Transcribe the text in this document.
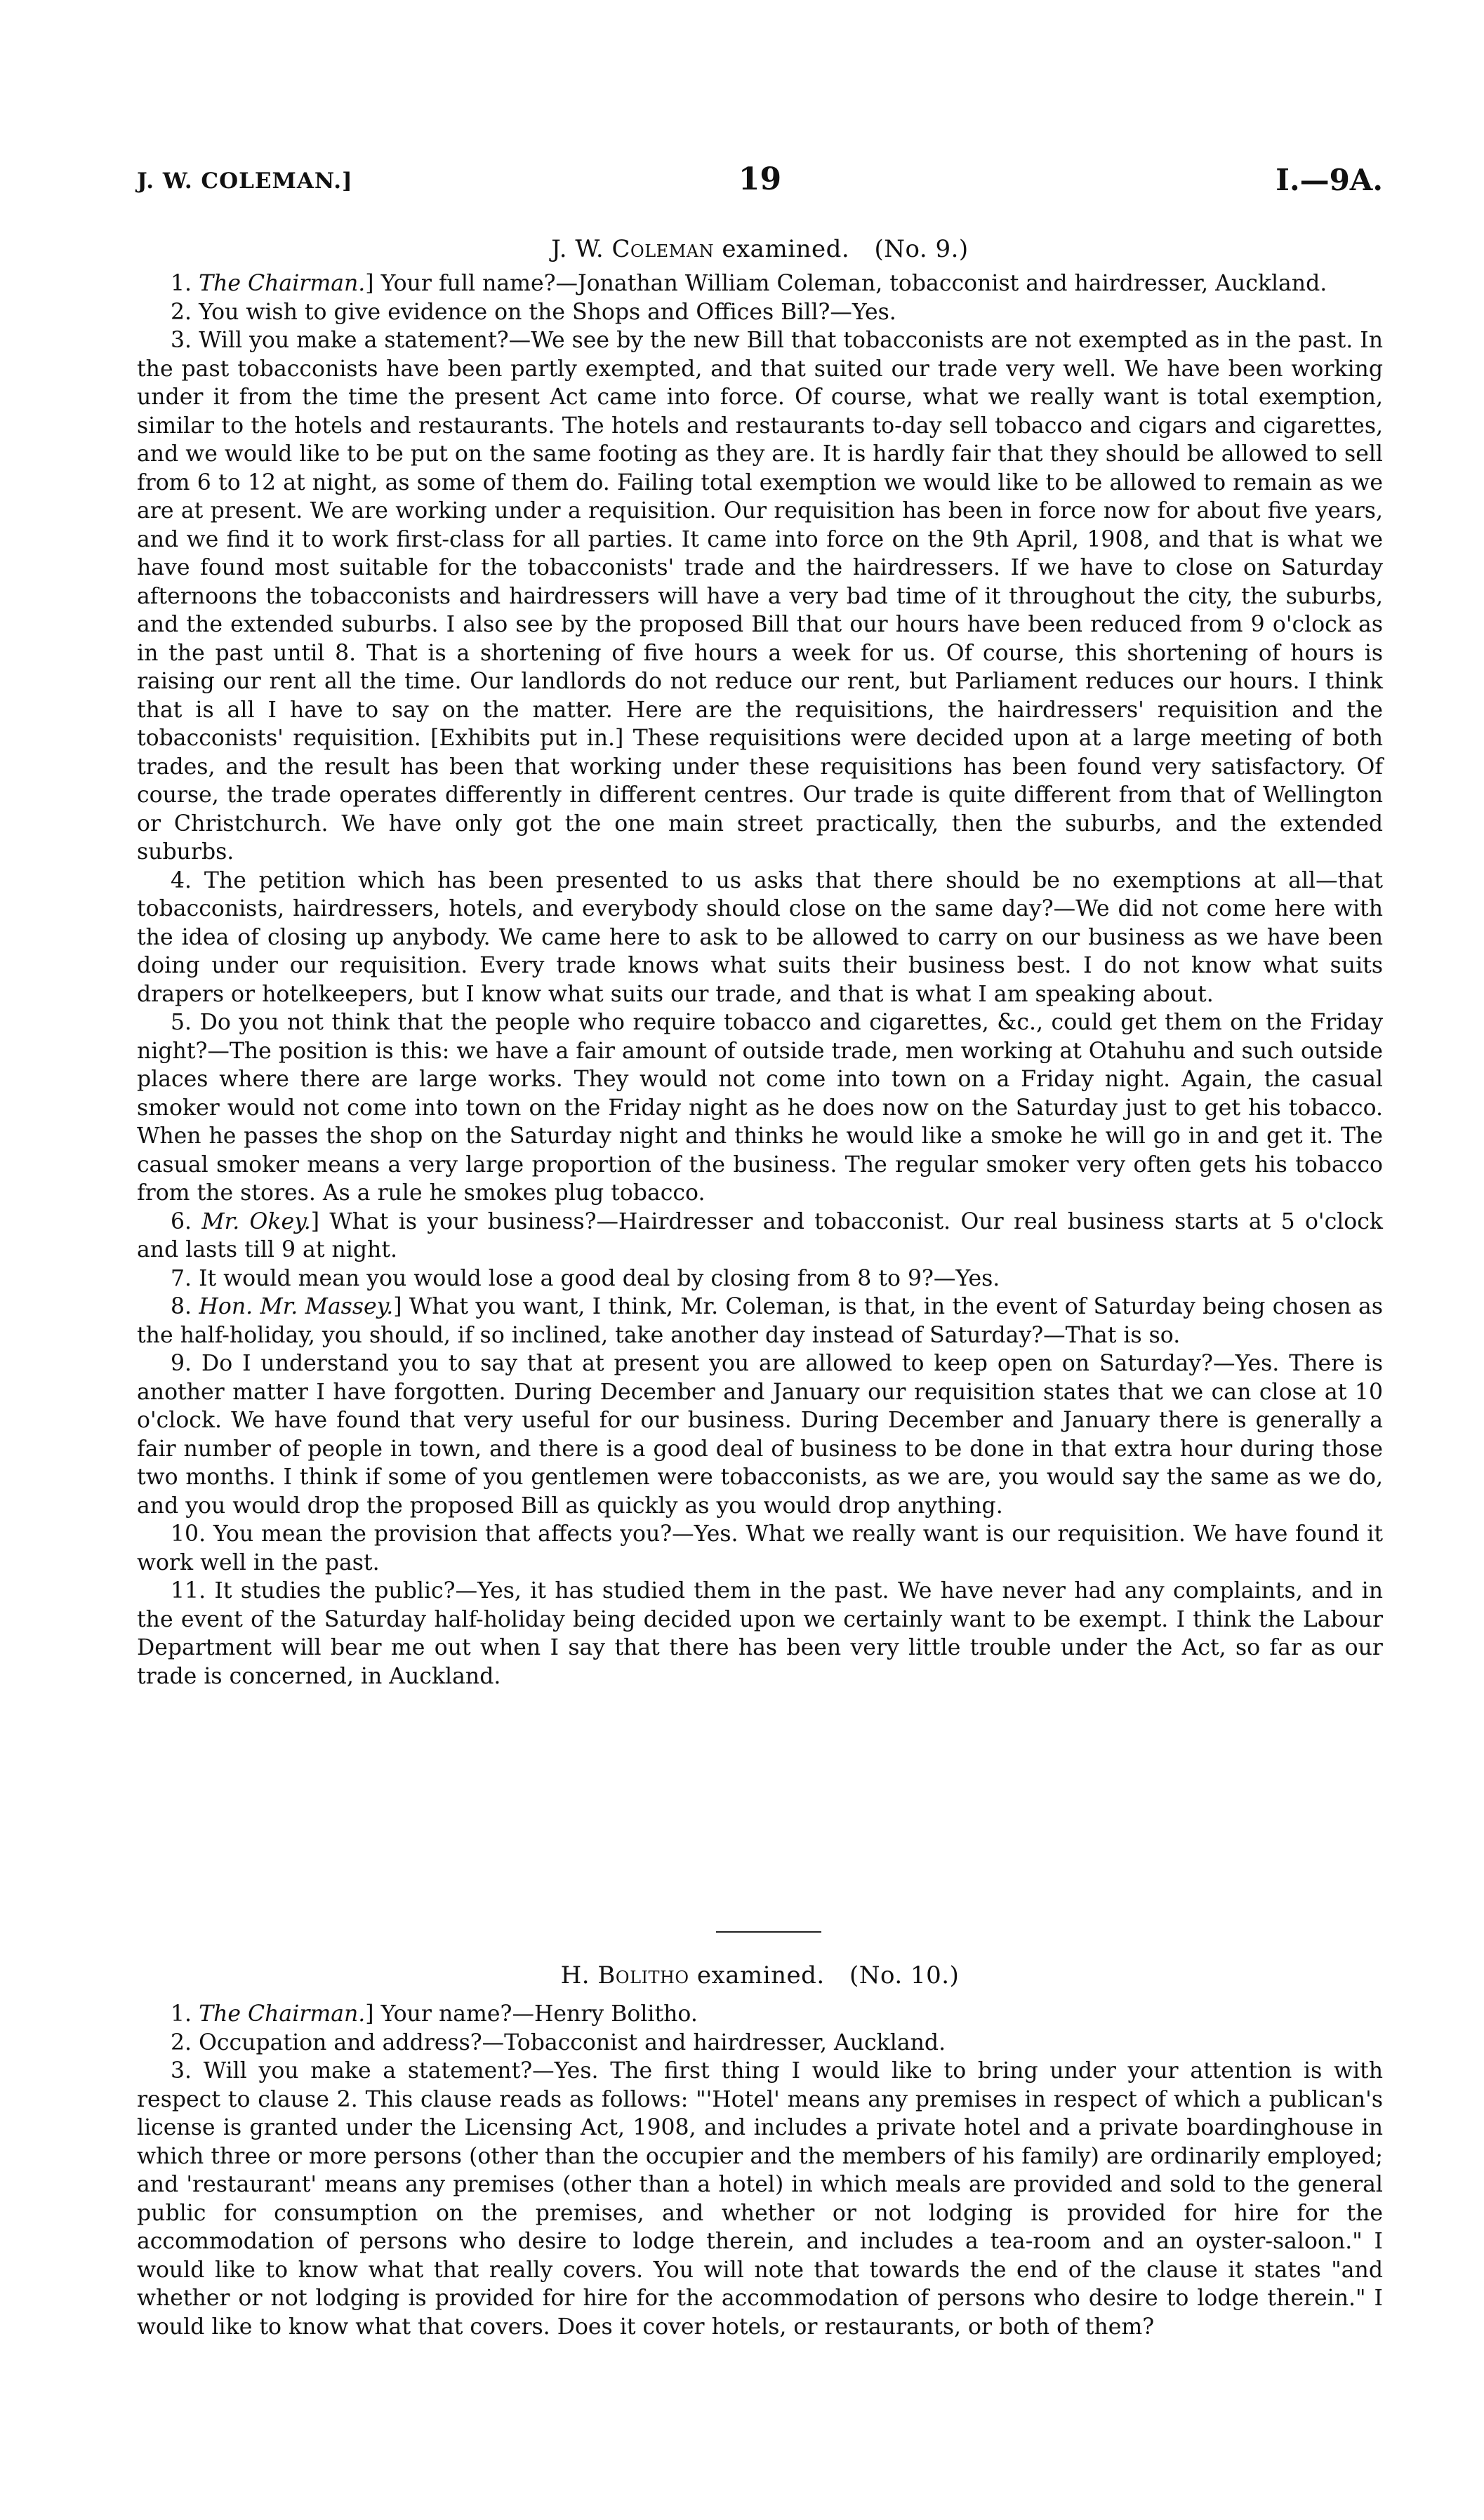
J. W. COLEMAN.]	19	I.—9A.
J. W. Coleman examined. (No. 9.)

1. The Chairman.] Your full name?—Jonathan William Coleman, tobacconist and hairdresser, Auckland.

2. You wish to give evidence on the Shops and Offices Bill?—Yes.

3. Will you make a statement?—We see by the new Bill that tobacconists are not exempted as in the past. In the past tobacconists have been partly exempted, and that suited our trade very well. We have been working under it from the time the present Act came into force. Of course, what we really want is total exemption, similar to the hotels and restaurants. The hotels and restaurants to-day sell tobacco and cigars and cigarettes, and we would like to be put on the same footing as they are. It is hardly fair that they should be allowed to sell from 6 to 12 at night, as some of them do. Failing total exemption we would like to be allowed to remain as we are at present. We are working under a requisition. Our requisition has been in force now for about five years, and we find it to work first-class for all parties. It came into force on the 9th April, 1908, and that is what we have found most suitable for the tobacconists' trade and the hairdressers. If we have to close on Saturday afternoons the tobacconists and hairdressers will have a very bad time of it throughout the city, the suburbs, and the extended suburbs. I also see by the proposed Bill that our hours have been reduced from 9 o'clock as in the past until 8. That is a shortening of five hours a week for us. Of course, this shortening of hours is raising our rent all the time. Our landlords do not reduce our rent, but Parliament reduces our hours. I think that is all I have to say on the matter. Here are the requisitions, the hairdressers' requisition and the tobacconists' requisition. [Exhibits put in.] These requisitions were decided upon at a large meeting of both trades, and the result has been that working under these requisitions has been found very satisfactory. Of course, the trade operates differently in different centres. Our trade is quite different from that of Wellington or Christchurch. We have only got the one main street practically, then the suburbs, and the extended suburbs.

4. The petition which has been presented to us asks that there should be no exemptions at all—that tobacconists, hairdressers, hotels, and everybody should close on the same day?—We did not come here with the idea of closing up anybody. We came here to ask to be allowed to carry on our business as we have been doing under our requisition. Every trade knows what suits their business best. I do not know what suits drapers or hotelkeepers, but I know what suits our trade, and that is what I am speaking about.

5. Do you not think that the people who require tobacco and cigarettes, &c., could get them on the Friday night?—The position is this: we have a fair amount of outside trade, men working at Otahuhu and such outside places where there are large works. They would not come into town on a Friday night. Again, the casual smoker would not come into town on the Friday night as he does now on the Saturday just to get his tobacco. When he passes the shop on the Saturday night and thinks he would like a smoke he will go in and get it. The casual smoker means a very large proportion of the business. The regular smoker very often gets his tobacco from the stores. As a rule he smokes plug tobacco.

6. Mr. Okey.] What is your business?—Hairdresser and tobacconist. Our real business starts at 5 o'clock and lasts till 9 at night.

7. It would mean you would lose a good deal by closing from 8 to 9?—Yes.

8. Hon. Mr. Massey.] What you want, I think, Mr. Coleman, is that, in the event of Saturday being chosen as the half-holiday, you should, if so inclined, take another day instead of Saturday?—That is so.

9. Do I understand you to say that at present you are allowed to keep open on Saturday?—Yes. There is another matter I have forgotten. During December and January our requisition states that we can close at 10 o'clock. We have found that very useful for our business. During December and January there is generally a fair number of people in town, and there is a good deal of business to be done in that extra hour during those two months. I think if some of you gentlemen were tobacconists, as we are, you would say the same as we do, and you would drop the proposed Bill as quickly as you would drop anything.

10. You mean the provision that affects you?—Yes. What we really want is our requisition. We have found it work well in the past.

11. It studies the public?—Yes, it has studied them in the past. We have never had any complaints, and in the event of the Saturday half-holiday being decided upon we certainly want to be exempt. I think the Labour Department will bear me out when I say that there has been very little trouble under the Act, so far as our trade is concerned, in Auckland.

H. Bolitho examined. (No. 10.)

1. The Chairman.] Your name?—Henry Bolitho.

2. Occupation and address?—Tobacconist and hairdresser, Auckland.

3. Will you make a statement?—Yes. The first thing I would like to bring under your attention is with respect to clause 2. This clause reads as follows: "'Hotel' means any premises in respect of which a publican's license is granted under the Licensing Act, 1908, and includes a private hotel and a private boardinghouse in which three or more persons (other than the occupier and the members of his family) are ordinarily employed; and 'restaurant' means any premises (other than a hotel) in which meals are provided and sold to the general public for consumption on the premises, and whether or not lodging is provided for hire for the accommodation of persons who desire to lodge therein, and includes a tea-room and an oyster-saloon." I would like to know what that really covers. You will note that towards the end of the clause it states "and whether or not lodging is provided for hire for the accommodation of persons who desire to lodge therein." I would like to know what that covers. Does it cover hotels, or restaurants, or both of them?
